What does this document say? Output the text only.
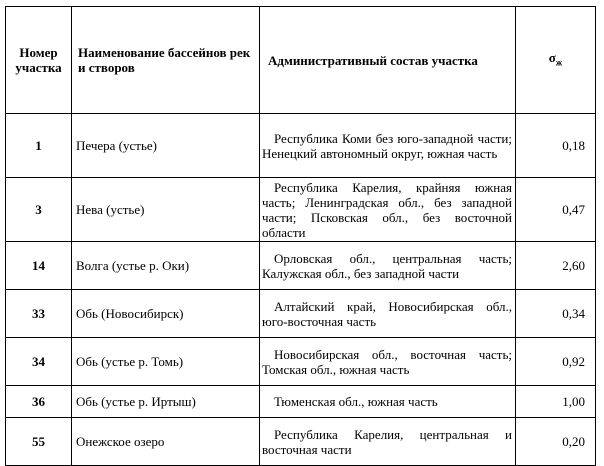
Номер участка	Наименование бассейнов рек и створов	Административный состав участка	$\sigma_ж$
1	Печера (устье)	Республика Коми без юго-западной части; Ненецкий автономный округ, южная часть	0,18
3	Нева (устье)	Республика Карелия, крайняя южная часть; Ленинградская обл., без западной части; Псковская обл., без восточной области	0,47
14	Волга (устье р. Оки)	Орловская обл., центральная часть; Калужская обл., без западной части	2,60
33	Обь (Новосибирск)	Алтайский край, Новосибирская обл., юго-восточная часть	0,34
34	Обь (устье р. Томь)	Новосибирская обл., восточная часть; Томская обл., южная часть	0,92
36	Обь (устье р. Иртыш)	Тюменская обл., южная часть	1,00
55	Онежское озеро	Республика Карелия, центральная и восточная части	0,20
